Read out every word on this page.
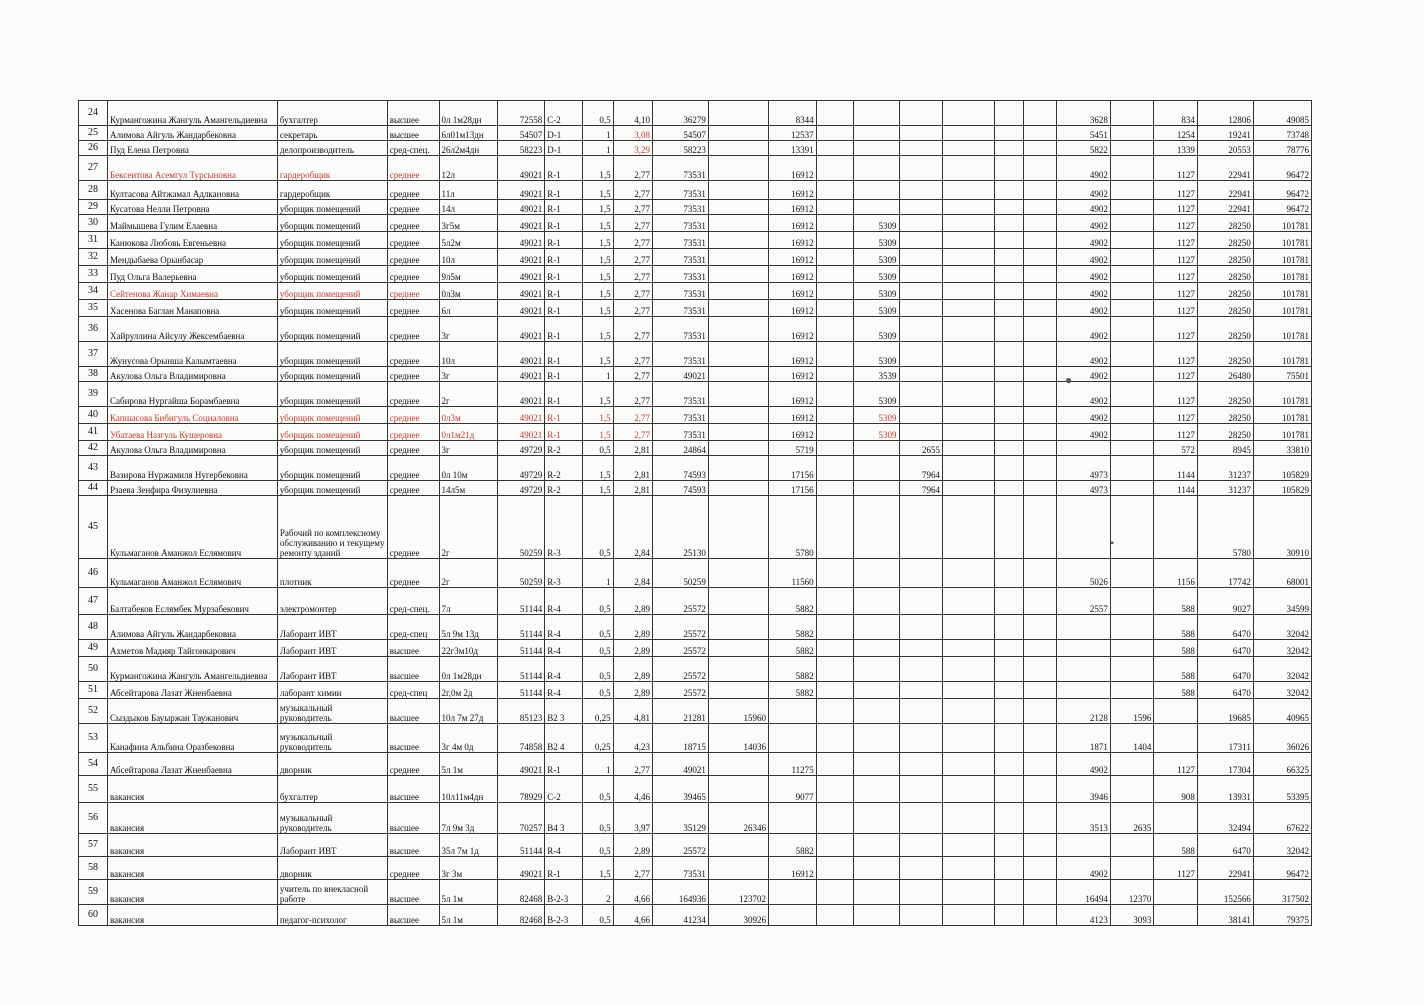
24	Курмангожина Жангуль Амангельдиевна	бухгалтер	высшее	0л 1м28дн	72558	C-2	0,5	4,10	36279		8344							3628		834	12806	49085
25	Алимова Айгуль Жандарбековна	секретарь	высшее	6л01м13дн	54507	D-1	1	3,08	54507		12537							5451		1254	19241	73748
26	Пуд Елена Петровна	делопроизводитель	сред-спец.	26л2м4дн	58223	D-1	1	3,29	58223		13391							5822		1339	20553	78776
27	Бексеитова Асемгул Турсыновна	гардеробщик	среднее	12л	49021	R-1	1,5	2,77	73531		16912							4902		1127	22941	96472
28	Култасова Айтжамал Адлкановна	гардеробщик	среднее	11л	49021	R-1	1,5	2,77	73531		16912							4902		1127	22941	96472
29	Кусатова Нелли Петровна	уборщик помещений	среднее	14л	49021	R-1	1,5	2,77	73531		16912							4902		1127	22941	96472
30	Маймышева Гулим Елаевна	уборщик помещений	среднее	3г5м	49021	R-1	1,5	2,77	73531		16912		5309					4902		1127	28250	101781
31	Канюкова Любовь Евгеньевна	уборщик помещений	среднее	5л2м	49021	R-1	1,5	2,77	73531		16912		5309					4902		1127	28250	101781
32	Мендыбаева Орынбасар	уборщик помещений	среднее	10л	49021	R-1	1,5	2,77	73531		16912		5309					4902		1127	28250	101781
33	Пуд Ольга Валерьевна	уборщик помещений	среднее	9л5м	49021	R-1	1,5	2,77	73531		16912		5309					4902		1127	28250	101781
34	Сейтенова Жанар Химаевна	уборщик помещений	среднее	0л3м	49021	R-1	1,5	2,77	73531		16912		5309					4902		1127	28250	101781
35	Хасенова Баглан Манаповна	уборщик помещений	среднее	6л	49021	R-1	1,5	2,77	73531		16912		5309					4902		1127	28250	101781
36	Хайруллина Айсулу Жексембаевна	уборщик помещений	среднее	3г	49021	R-1	1,5	2,77	73531		16912		5309					4902		1127	28250	101781
37	Жунусова Орынша Калымтаевна	уборщик помещений	среднее	10л	49021	R-1	1,5	2,77	73531		16912		5309					4902		1127	28250	101781
38	Акулова Ольга Владимировна	уборщик помещений	среднее	3г	49021	R-1	1	2,77	49021		16912		3539					4902		1127	26480	75501
39	Сабирова Нургайша Борамбаевна	уборщик помещений	среднее	2г	49021	R-1	1,5	2,77	73531		16912		5309					4902		1127	28250	101781
40	Капшасова Бибигуль Социаловна	уборщик помещений	среднее	0л3м	49021	R-1	1,5	2,77	73531		16912		5309					4902		1127	28250	101781
41	Убатаева Назгуль Кушеровна	уборщик помещений	среднее	0л1м21д	49021	R-1	1,5	2,77	73531		16912		5309					4902		1127	28250	101781
42	Акулова Ольга Владимировна	уборщик помещений	среднее	3г	49729	R-2	0,5	2,81	24864		5719			2655						572	8945	33810
43	Вазирова Нуржамиля Нугербековна	уборщик помещений	среднее	0л 10м	49729	R-2	1,5	2,81	74593		17156			7964				4973		1144	31237	105829
44	Рзаева Зенфира Физулиевна	уборщик помещений	среднее	14л5м	49729	R-2	1,5	2,81	74593		17156			7964				4973		1144	31237	105829
45	Кульмаганов Аманжол Еслямович	Рабочий по комплексному обслуживанию и текущему ремонту зданий	среднее	2г	50259	R-3	0,5	2,84	25130		5780										5780	30910
46	Кульмаганов Аманжол Еслямович	плотник	среднее	2г	50259	R-3	1	2,84	50259		11560							5026		1156	17742	68001
47	Балтабеков Еслямбек Мурзабекович	электромонтер	сред-спец.	7л	51144	R-4	0,5	2,89	25572		5882							2557		588	9027	34599
48	Алимова Айгуль Жандарбековна	Лаборант ИВТ	сред-спец	5л 9м 13д	51144	R-4	0,5	2,89	25572		5882									588	6470	32042
49	Ахметов Мадияр Тайгонкарович	Лаборант ИВТ	высшее	22г3м10д	51144	R-4	0,5	2,89	25572		5882									588	6470	32042
50	Курмангожина Жангуль Амангельдиевна	Лаборант ИВТ	высшее	0л 1м28дн	51144	R-4	0,5	2,89	25572		5882									588	6470	32042
51	Абсейтарова Лазат Жненбаевна	лаборант химии	сред-спец	2г,0м 2д	51144	R-4	0,5	2,89	25572		5882									588	6470	32042
52	Сыздыков Бауыржан Таужанович	музыкальный руководитель	высшее	10л 7м 27д	85123	B2 3	0,25	4,81	21281	15960								2128	1596		19685	40965
53	Канафина Альбина Оразбековна	музыкальный руководитель	высшее	3г 4м 0д	74858	B2 4	0,25	4,23	18715	14036								1871	1404		17311	36026
54	Абсейтарова Лазат Жненбаевна	дворник	среднее	5л 1м	49021	R-1	1	2,77	49021		11275							4902		1127	17304	66325
55	вакансия	бухгалтер	высшее	10л11м4дн	78929	C-2	0,5	4,46	39465		9077							3946		908	13931	53395
56	вакансия	музыкальный руководитель	высшее	7л 9м 3д	70257	B4 3	0,5	3,97	35129	26346								3513	2635		32494	67622
57	вакансия	Лаборант ИВТ	высшее	35л 7м 1д	51144	R-4	0,5	2,89	25572		5882									588	6470	32042
58	вакансия	дворник	среднее	3г 3м	49021	R-1	1,5	2,77	73531		16912							4902		1127	22941	96472
59	вакансия	учитель по внекласной работе	высшее	5л 1м	82468	B-2-3	2	4,66	164936	123702								16494	12370		152566	317502
60	вакансия	педагог-психолог	высшее	5л 1м	82468	B-2-3	0,5	4,66	41234	30926								4123	3093		38141	79375
•
●
